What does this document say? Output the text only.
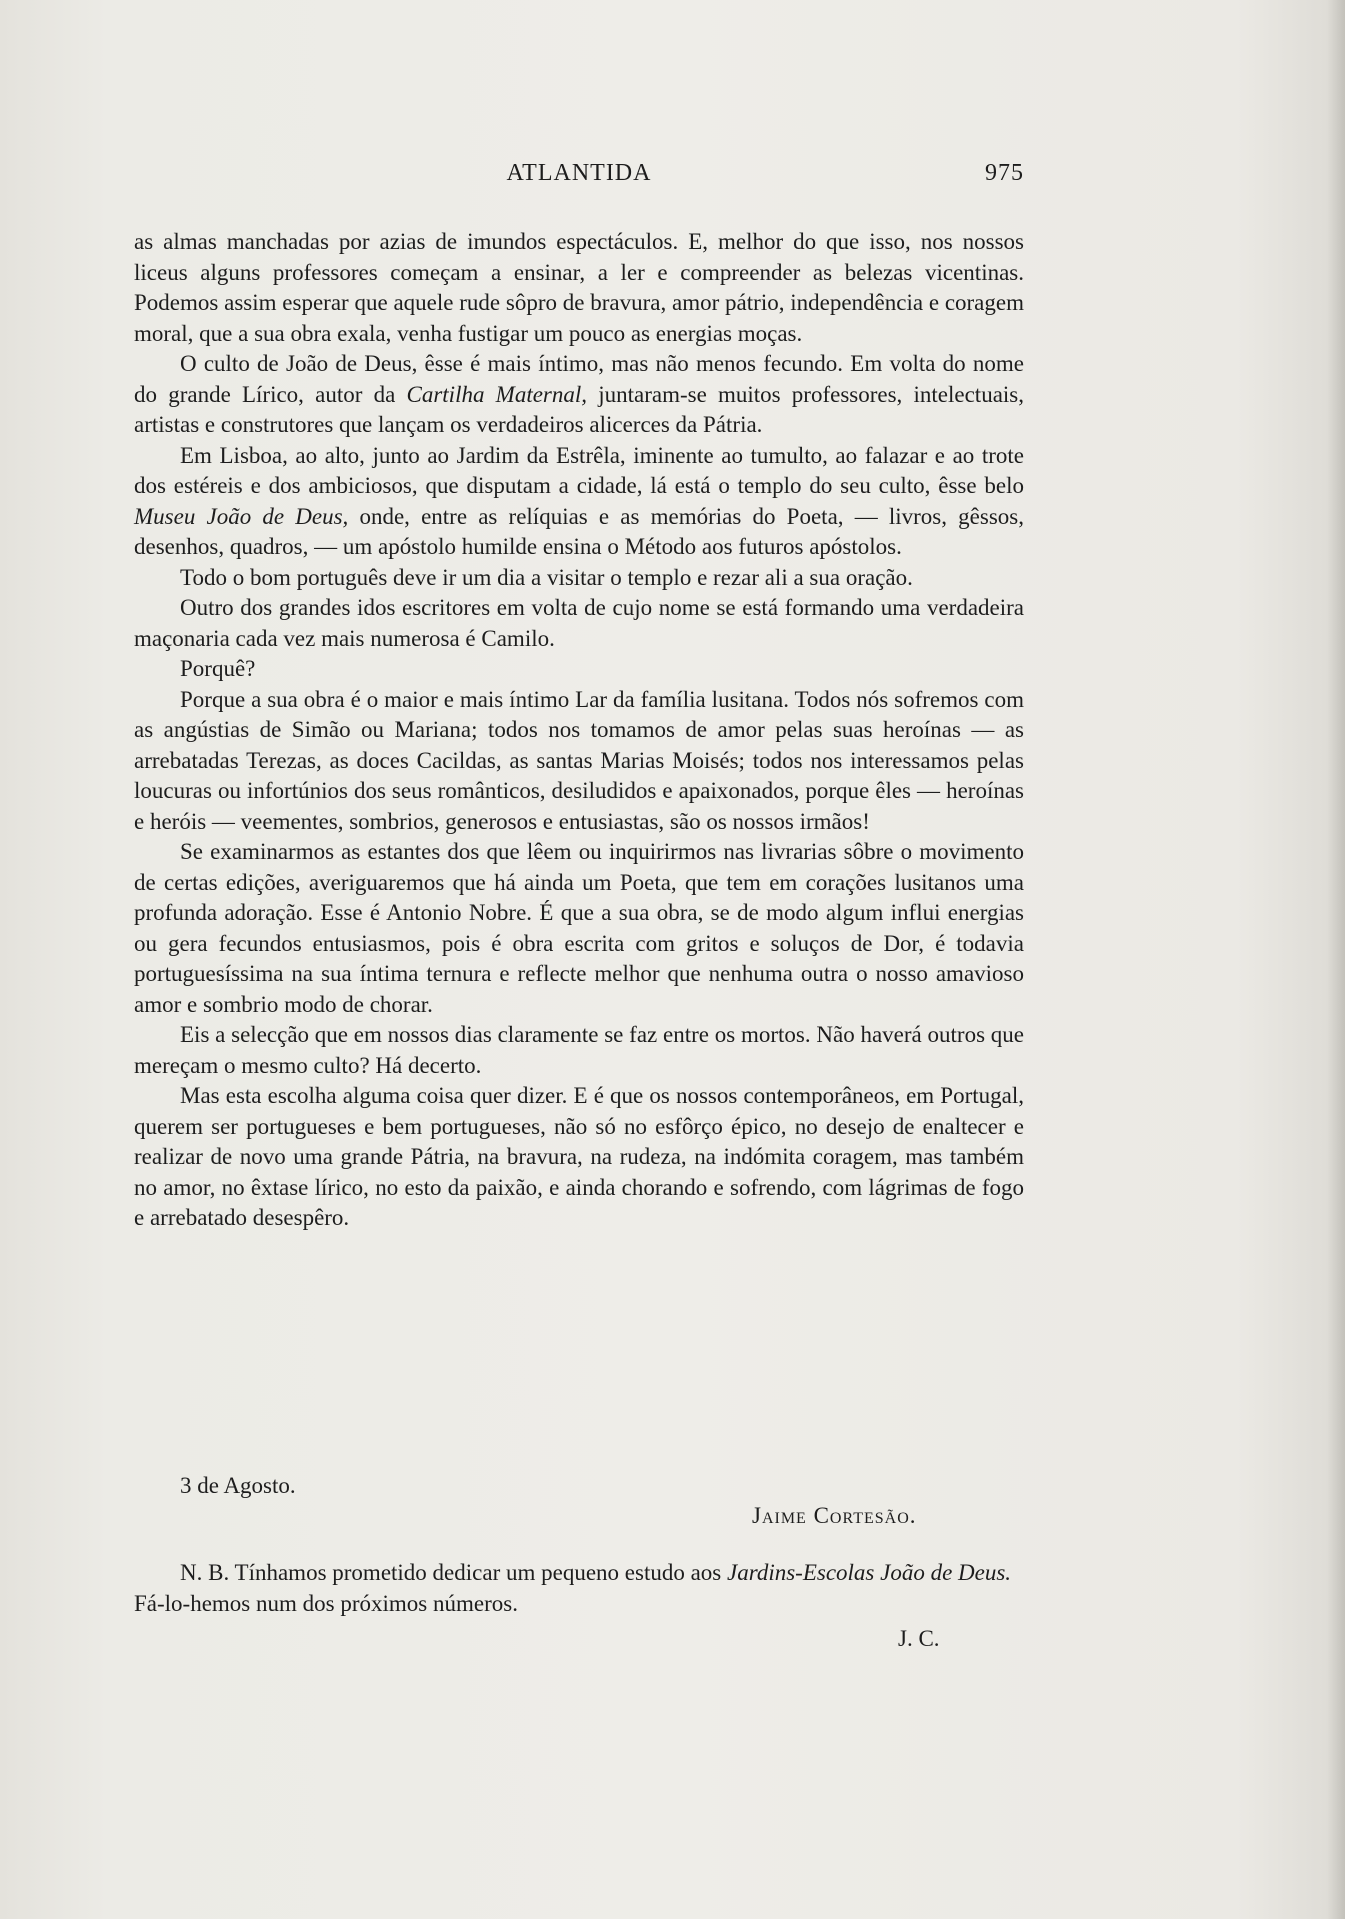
ATLANTIDA	975

as almas manchadas por azias de imundos espectáculos. E, melhor do que isso, nos nossos liceus alguns professores começam a ensinar, a ler e compreender as belezas vicentinas. Podemos assim esperar que aquele rude sôpro de bravura, amor pátrio, independência e coragem moral, que a sua obra exala, venha fustigar um pouco as energias moças.

O culto de João de Deus, êsse é mais íntimo, mas não menos fecundo. Em volta do nome do grande Lírico, autor da Cartilha Maternal, juntaram-se muitos professores, intelectuais, artistas e construtores que lançam os verdadeiros alicerces da Pátria.

Em Lisboa, ao alto, junto ao Jardim da Estrêla, iminente ao tumulto, ao falazar e ao trote dos estéreis e dos ambiciosos, que disputam a cidade, lá está o templo do seu culto, êsse belo Museu João de Deus, onde, entre as relíquias e as memórias do Poeta, — livros, gêssos, desenhos, quadros, — um apóstolo humilde ensina o Método aos futuros apóstolos.

Todo o bom português deve ir um dia a visitar o templo e rezar ali a sua oração.

Outro dos grandes idos escritores em volta de cujo nome se está formando uma verdadeira maçonaria cada vez mais numerosa é Camilo.

Porquê?

Porque a sua obra é o maior e mais íntimo Lar da família lusitana. Todos nós sofremos com as angústias de Simão ou Mariana; todos nos tomamos de amor pelas suas heroínas — as arrebatadas Terezas, as doces Cacildas, as santas Marias Moisés; todos nos interessamos pelas loucuras ou infortúnios dos seus românticos, desiludidos e apaixonados, porque êles — heroínas e heróis — veementes, sombrios, generosos e entusiastas, são os nossos irmãos!

Se examinarmos as estantes dos que lêem ou inquirirmos nas livrarias sôbre o movimento de certas edições, averiguaremos que há ainda um Poeta, que tem em corações lusitanos uma profunda adoração. Esse é Antonio Nobre. É que a sua obra, se de modo algum influi energias ou gera fecundos entusiasmos, pois é obra escrita com gritos e soluços de Dor, é todavia portuguesíssima na sua íntima ternura e reflecte melhor que nenhuma outra o nosso amavioso amor e sombrio modo de chorar.

Eis a selecção que em nossos dias claramente se faz entre os mortos. Não haverá outros que mereçam o mesmo culto? Há decerto.

Mas esta escolha alguma coisa quer dizer. E é que os nossos contemporâneos, em Portugal, querem ser portugueses e bem portugueses, não só no esfôrço épico, no desejo de enaltecer e realizar de novo uma grande Pátria, na bravura, na rudeza, na indómita coragem, mas também no amor, no êxtase lírico, no esto da paixão, e ainda chorando e sofrendo, com lágrimas de fogo e arrebatado desespêro.

3 de Agosto.
Jaime Cortesão.

N. B. Tínhamos prometido dedicar um pequeno estudo aos Jardins-Escolas João de Deus. Fá-lo-hemos num dos próximos números.

J. C.
